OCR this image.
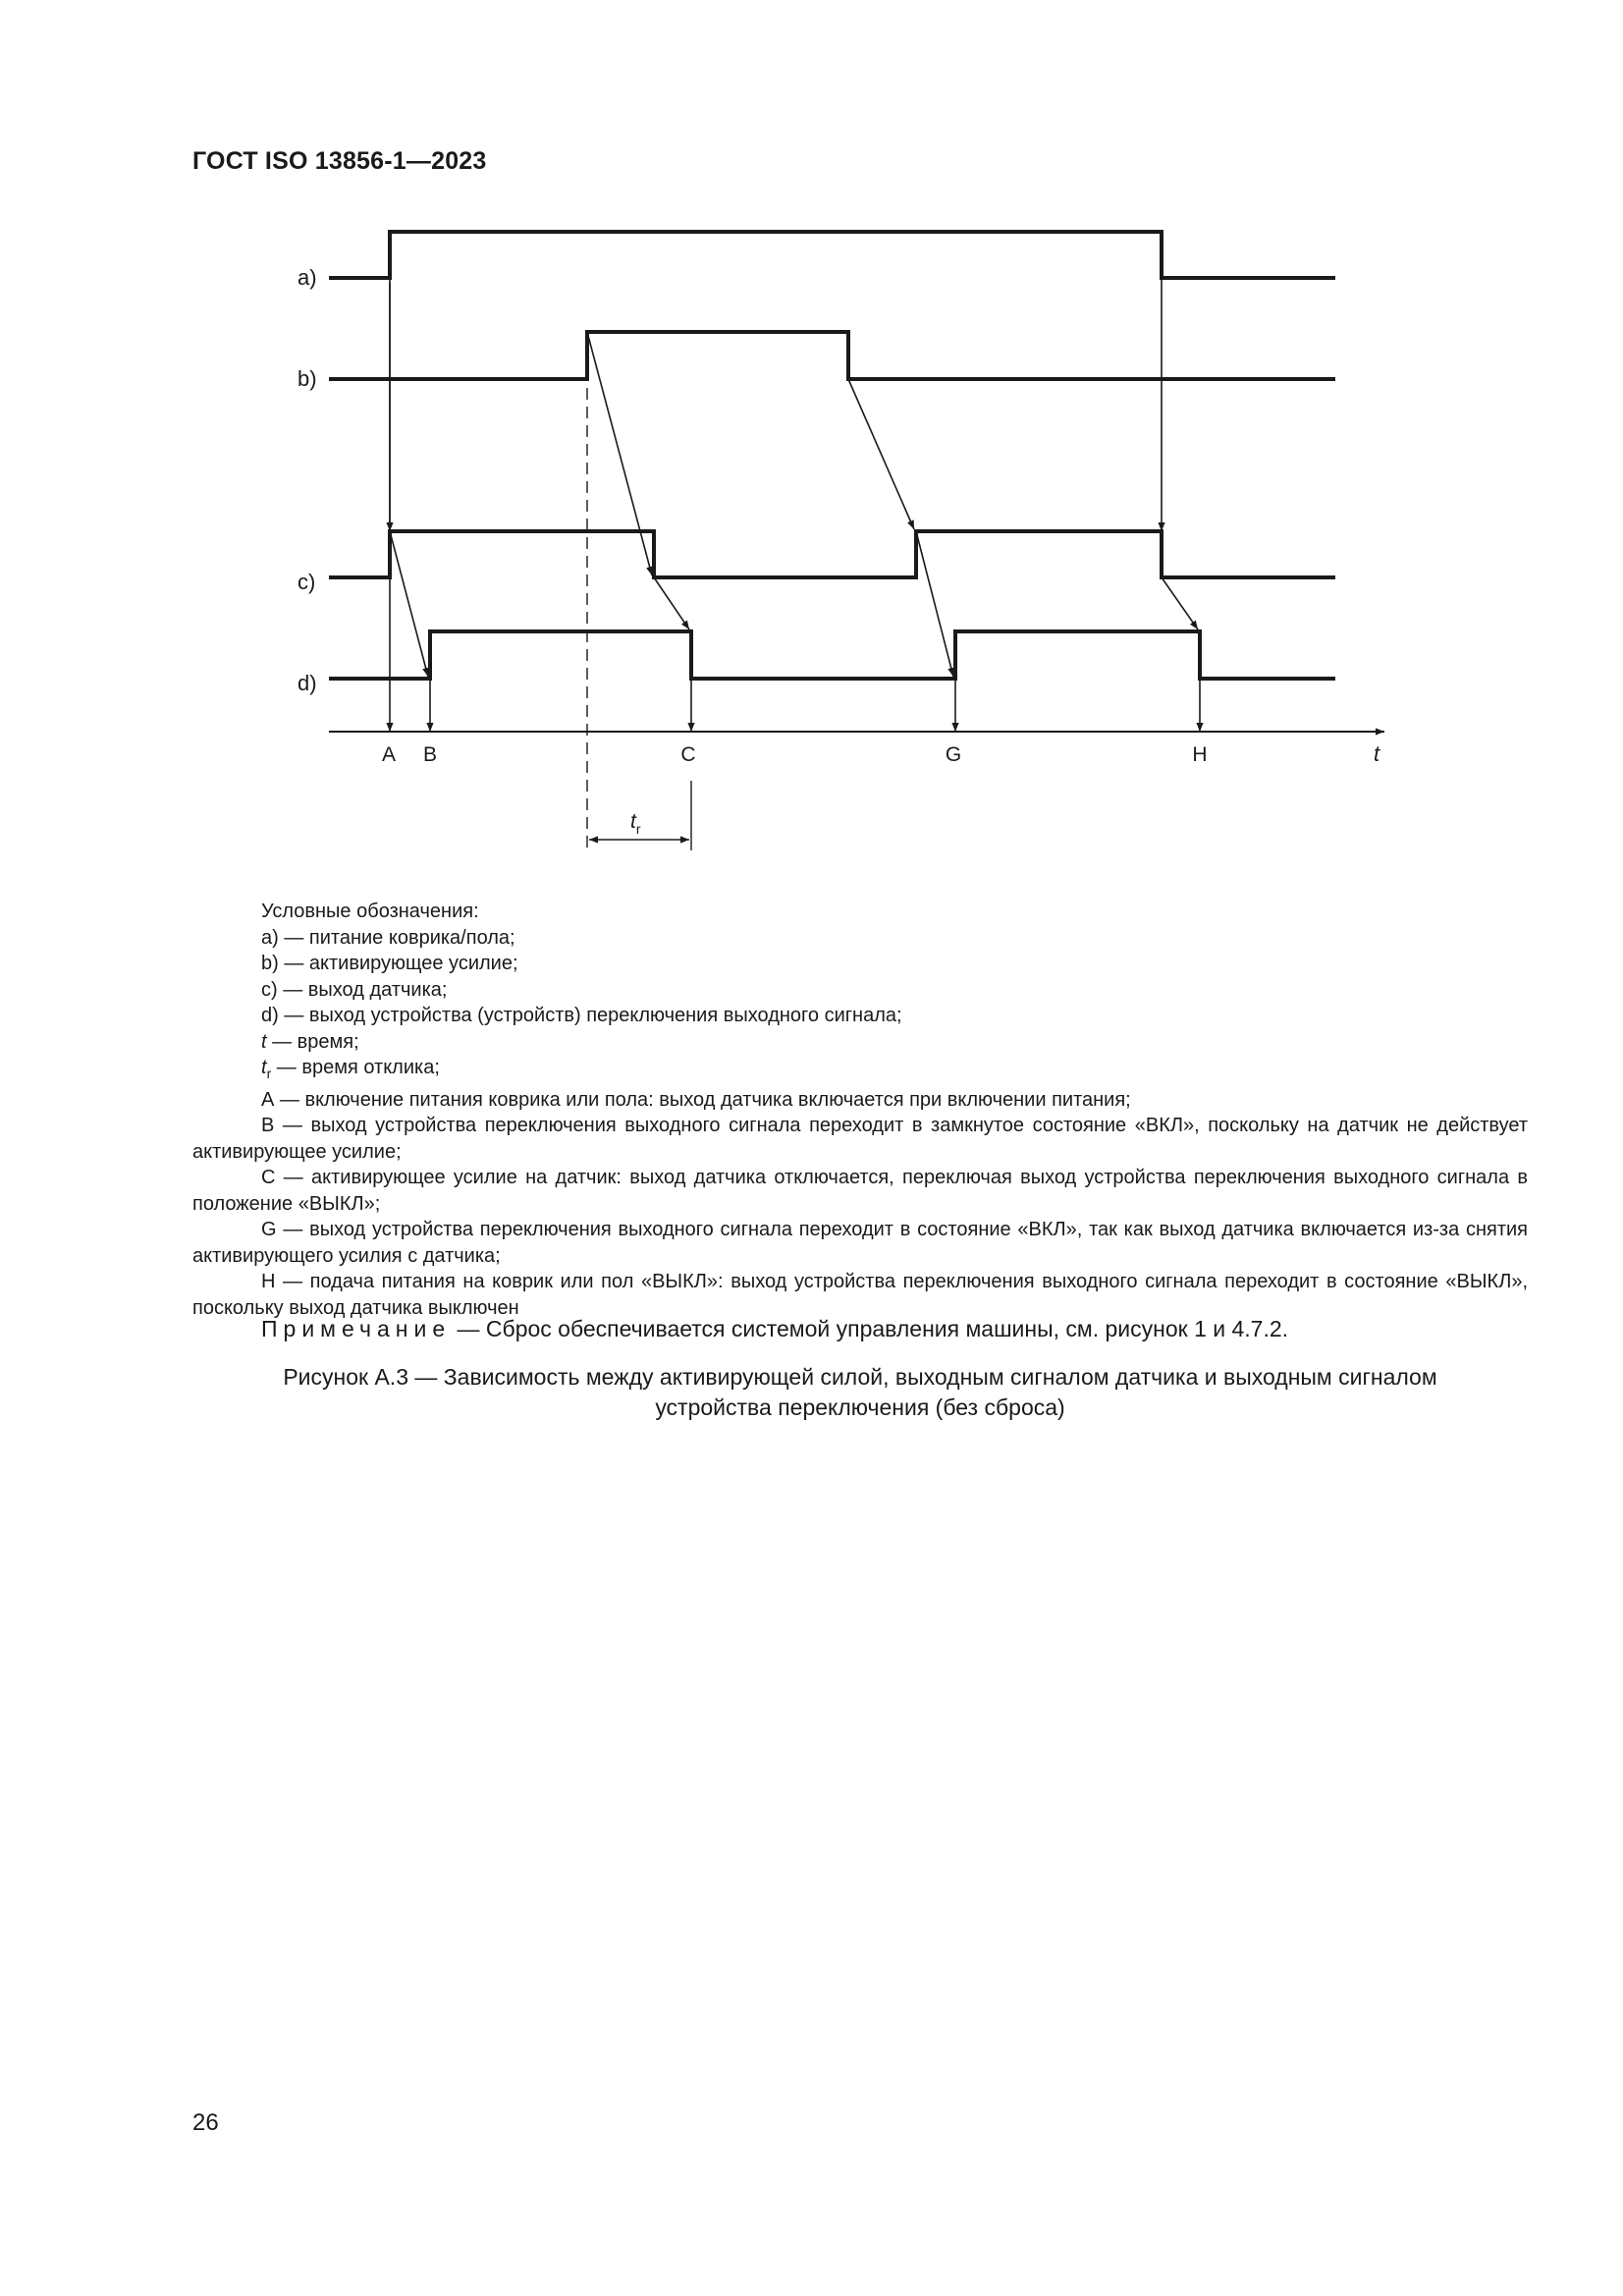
ГОСТ ISO 13856-1—2023
a)
b)
c)
d)
$t_r$
A B	C	G	H	t
Условные обозначения:
a) — питание коврика/пола;
b) — активирующее усилие;
c) — выход датчика;
d) — выход устройства (устройств) переключения выходного сигнала;
t — время;
$t_r$ — время отклика;
А — включение питания коврика или пола: выход датчика включается при включении питания;
В — выход устройства переключения выходного сигнала переходит в замкнутое состояние «ВКЛ», поскольку на датчик не действует активирующее усилие;
С — активирующее усилие на датчик: выход датчика отключается, переключая выход устройства переключения выходного сигнала в положение «ВЫКЛ»;
G — выход устройства переключения выходного сигнала переходит в состояние «ВКЛ», так как выход датчика включается из-за снятия активирующего усилия с датчика;
Н — подача питания на коврик или пол «ВЫКЛ»: выход устройства переключения выходного сигнала переходит в состояние «ВЫКЛ», поскольку выход датчика выключен
Примечание — Сброс обеспечивается системой управления машины, см. рисунок 1 и 4.7.2.
Рисунок А.3 — Зависимость между активирующей силой, выходным сигналом датчика и выходным сигналом
устройства переключения (без сброса)
26
